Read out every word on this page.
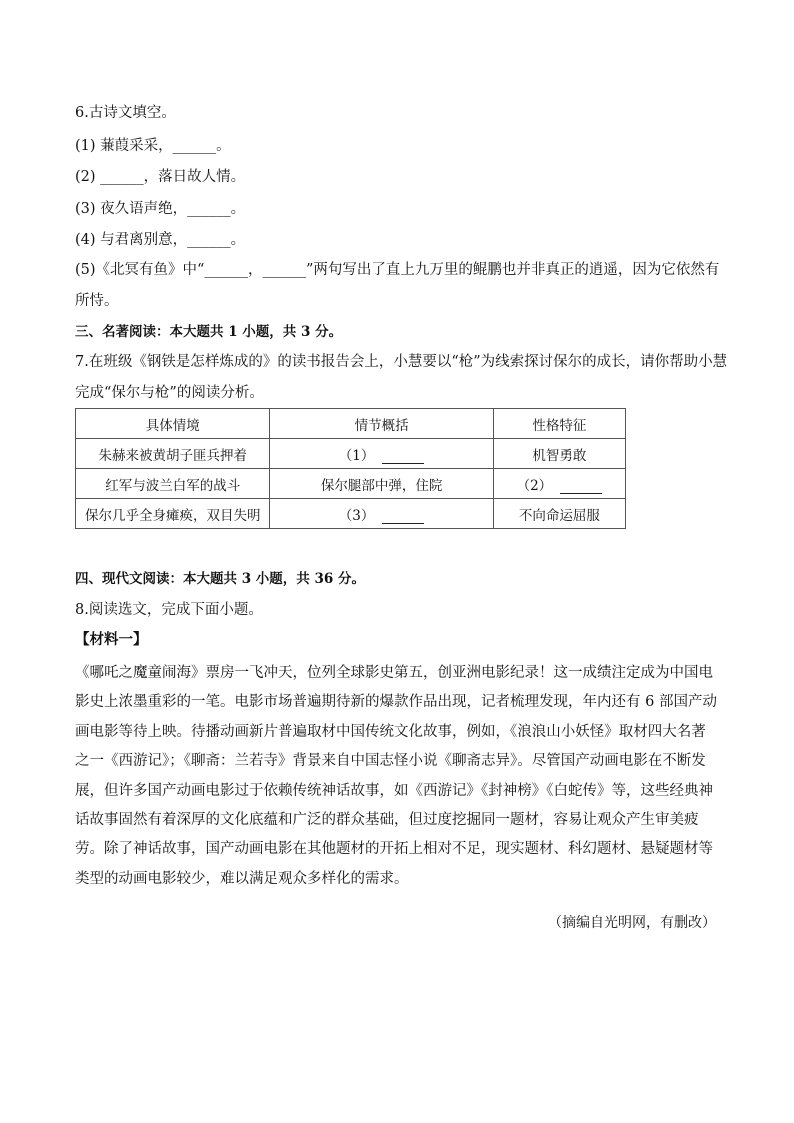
6.古诗文填空。
(1) 蒹葭采采，______。
(2) ______，落日故人情。
(3) 夜久语声绝，______。
(4) 与君离别意，______。
(5)《北冥有鱼》中“______，______”两句写出了直上九万里的鲲鹏也并非真正的逍遥，因为它依然有
所恃。
三、名著阅读：本大题共 1 小题，共 3 分。
7.在班级《钢铁是怎样炼成的》的读书报告会上，小慧要以“枪”为线索探讨保尔的成长，请你帮助小慧
完成“保尔与枪”的阅读分析。
具体情境	情节概括	性格特征
朱赫来被黄胡子匪兵押着	（1）	机智勇敢
红军与波兰白军的战斗	保尔腿部中弹，住院	（2）
保尔几乎全身瘫痪，双目失明	（3）	不向命运屈服
四、现代文阅读：本大题共 3 小题，共 36 分。
8.阅读选文，完成下面小题。
【材料一】
《哪吒之魔童闹海》票房一飞冲天，位列全球影史第五，创亚洲电影纪录！这一成绩注定成为中国电影史上浓墨重彩的一笔。电影市场普遍期待新的爆款作品出现，记者梳理发现，年内还有 6 部国产动画电影等待上映。待播动画新片普遍取材中国传统文化故事，例如，《浪浪山小妖怪》取材四大名著之一《西游记》；《聊斋：兰若寺》背景来自中国志怪小说《聊斋志异》。尽管国产动画电影在不断发展，但许多国产动画电影过于依赖传统神话故事，如《西游记》《封神榜》《白蛇传》等，这些经典神话故事固然有着深厚的文化底蕴和广泛的群众基础，但过度挖掘同一题材，容易让观众产生审美疲劳。除了神话故事，国产动画电影在其他题材的开拓上相对不足，现实题材、科幻题材、悬疑题材等类型的动画电影较少，难以满足观众多样化的需求。
（摘编自光明网，有删改）
